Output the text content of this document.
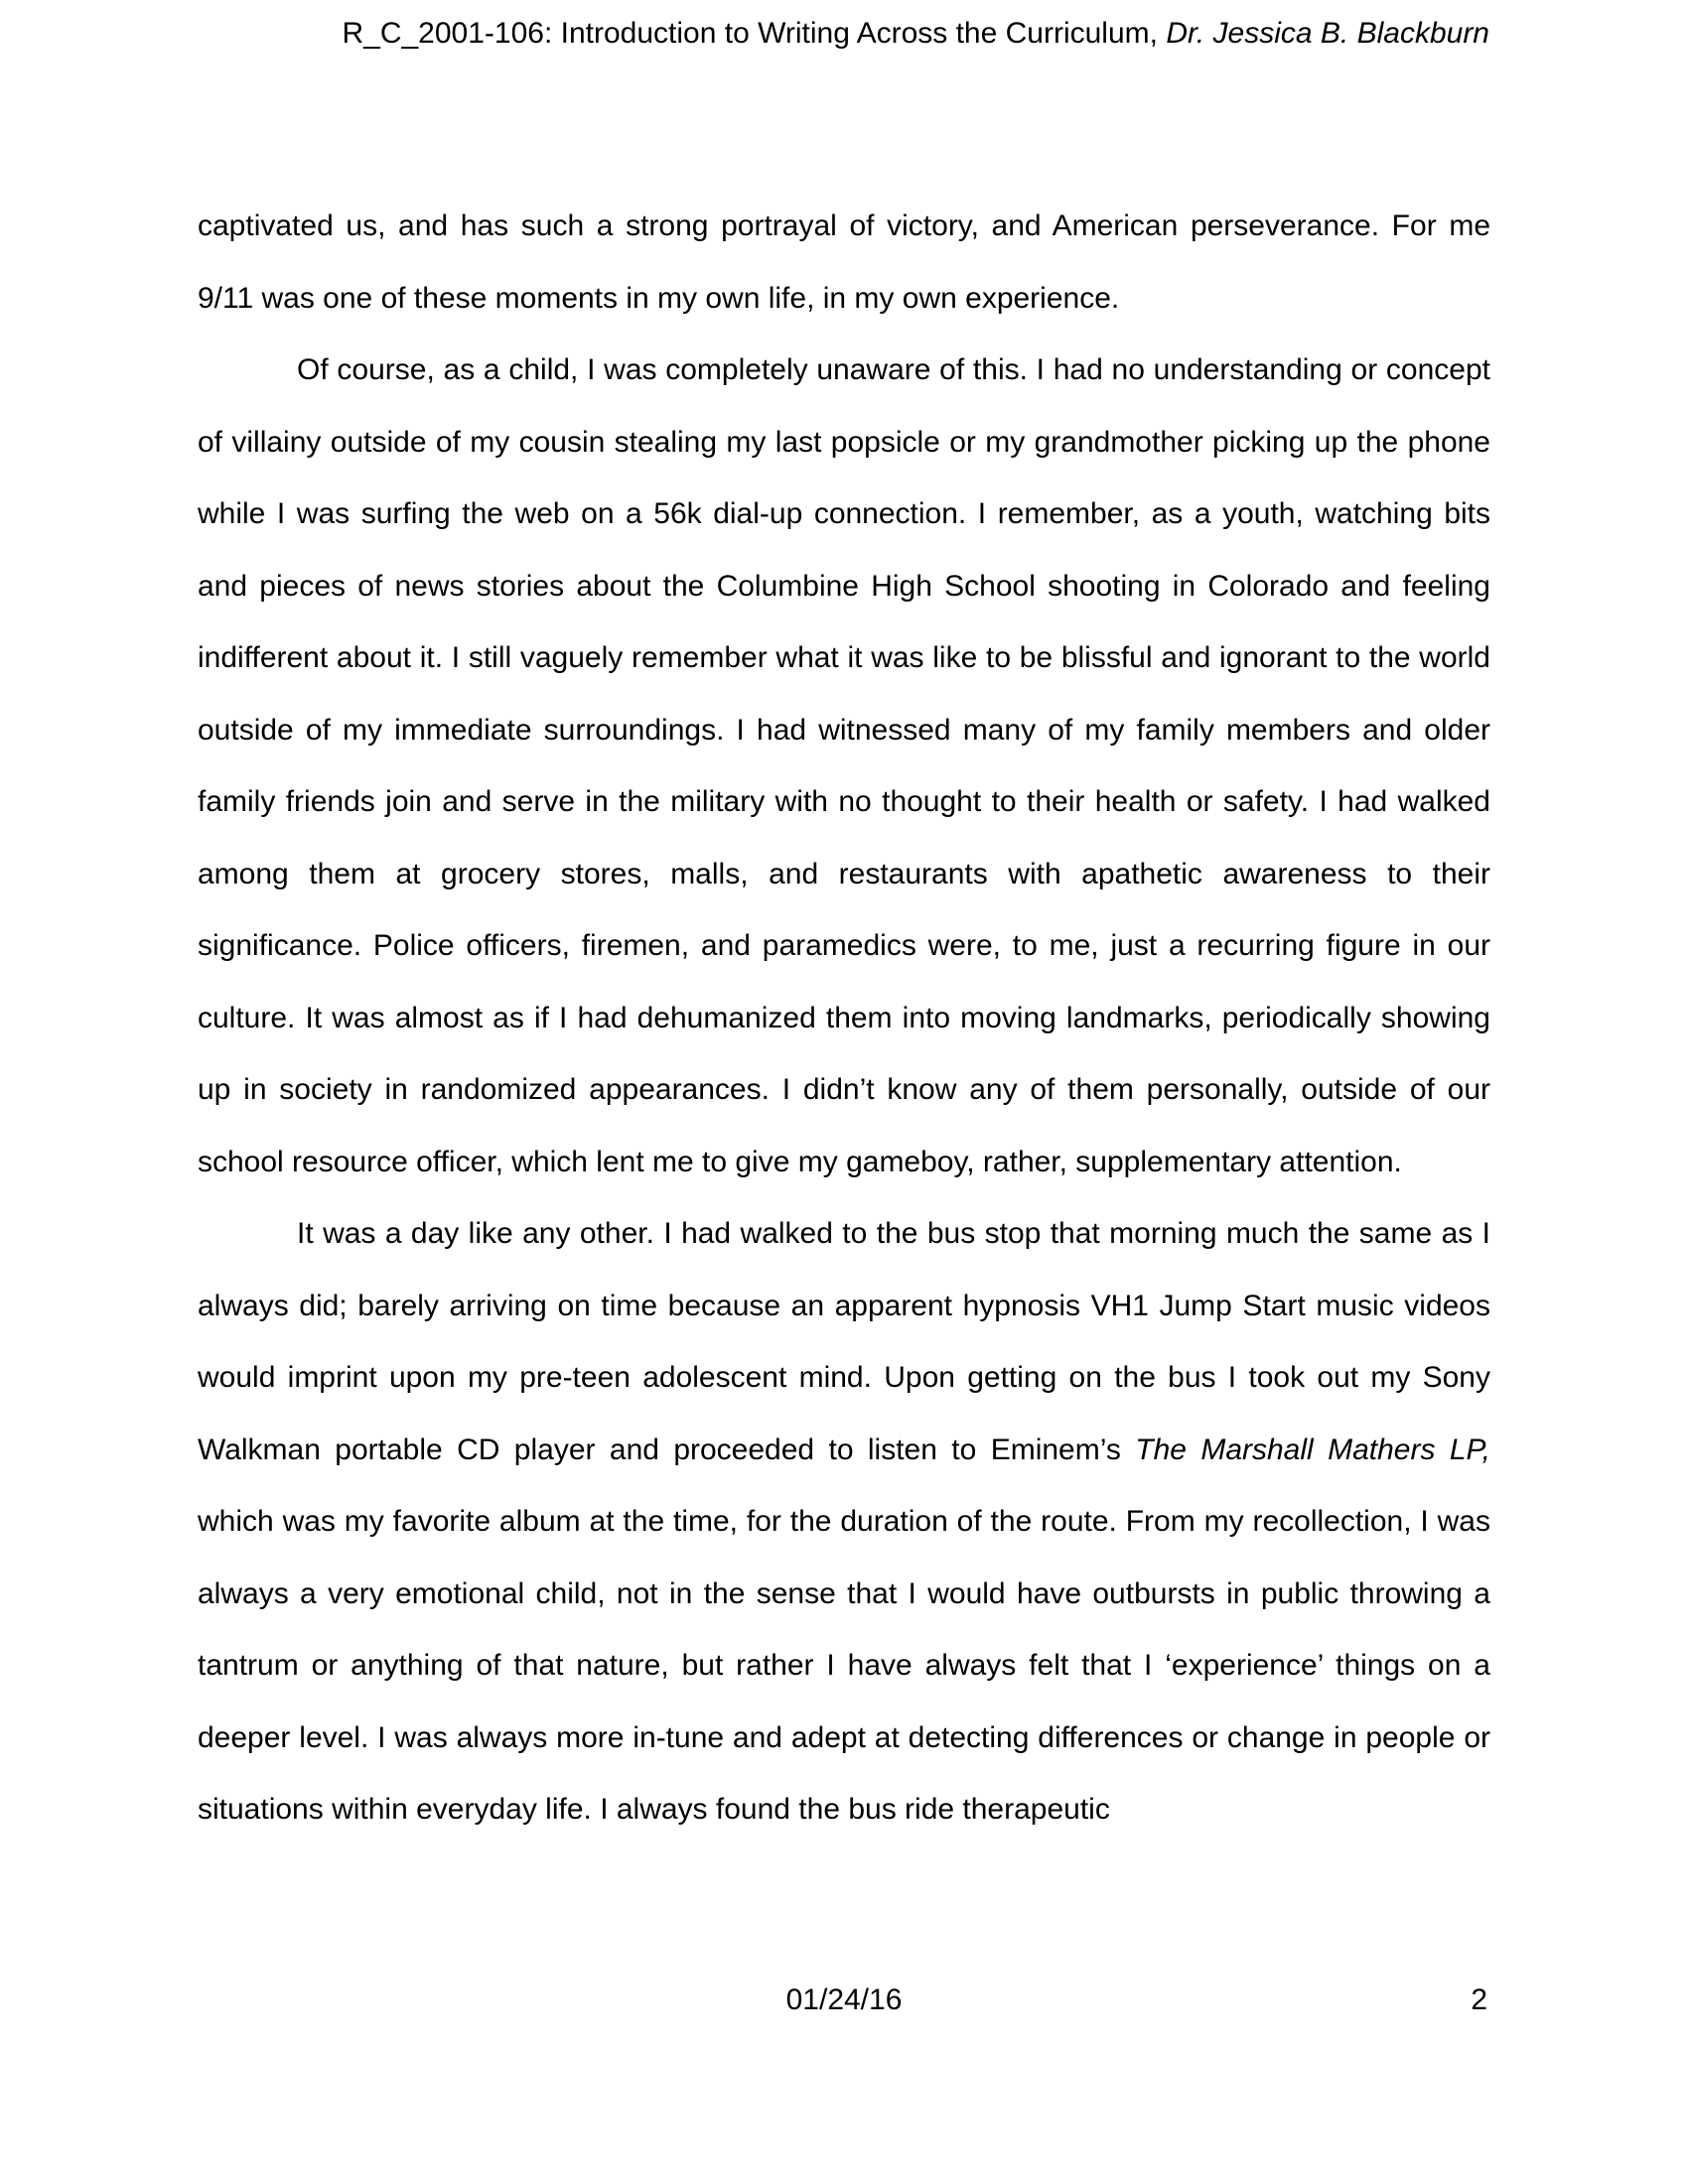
R_C_2001-106: Introduction to Writing Across the Curriculum, Dr. Jessica B. Blackburn

captivated us, and has such a strong portrayal of victory, and American perseverance. For me 9/11 was one of these moments in my own life, in my own experience.

Of course, as a child, I was completely unaware of this. I had no understanding or concept of villainy outside of my cousin stealing my last popsicle or my grandmother picking up the phone while I was surfing the web on a 56k dial-up connection. I remember, as a youth, watching bits and pieces of news stories about the Columbine High School shooting in Colorado and feeling indifferent about it. I still vaguely remember what it was like to be blissful and ignorant to the world outside of my immediate surroundings. I had witnessed many of my family members and older family friends join and serve in the military with no thought to their health or safety. I had walked among them at grocery stores, malls, and restaurants with apathetic awareness to their significance. Police officers, firemen, and paramedics were, to me, just a recurring figure in our culture. It was almost as if I had dehumanized them into moving landmarks, periodically showing up in society in randomized appearances. I didn’t know any of them personally, outside of our school resource officer, which lent me to give my gameboy, rather, supplementary attention.

It was a day like any other. I had walked to the bus stop that morning much the same as I always did; barely arriving on time because an apparent hypnosis VH1 Jump Start music videos would imprint upon my pre-teen adolescent mind. Upon getting on the bus I took out my Sony Walkman portable CD player and proceeded to listen to Eminem’s The Marshall Mathers LP, which was my favorite album at the time, for the duration of the route. From my recollection, I was always a very emotional child, not in the sense that I would have outbursts in public throwing a tantrum or anything of that nature, but rather I have always felt that I ‘experience’ things on a deeper level. I was always more in-tune and adept at detecting differences or change in people or situations within everyday life. I always found the bus ride therapeutic

01/24/16	2
